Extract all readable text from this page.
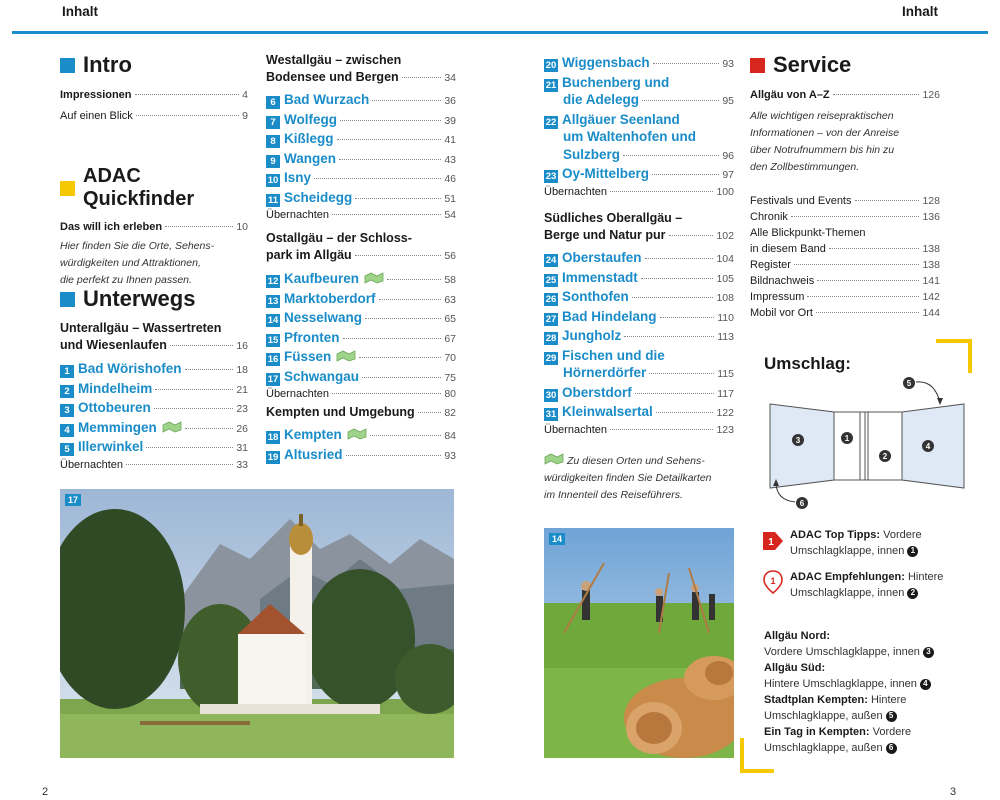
Inhalt	Inhalt
Intro
Impressionen	4
Auf einen Blick	9
ADAC Quickfinder
Das will ich erleben	10
Hier finden Sie die Orte, Sehens-
würdigkeiten und Attraktionen,
die perfekt zu Ihnen passen.
Unterwegs
Unterallgäu – Wassertreten
und Wiesenlaufen	16
1 Bad Wörishofen	18
2 Mindelheim	21
3 Ottobeuren	23
4 Memmingen	26
5 Illerwinkel	31
Übernachten	33
Westallgäu – zwischen
Bodensee und Bergen	34
6 Bad Wurzach	36
7 Wolfegg	39
8 Kißlegg	41
9 Wangen	43
10 Isny	46
11 Scheidegg	51
Übernachten	54
Ostallgäu – der Schloss-
park im Allgäu	56
12 Kaufbeuren	58
13 Marktoberdorf	63
14 Nesselwang	65
15 Pfronten	67
16 Füssen	70
17 Schwangau	75
Übernachten	80
Kempten und Umgebung	82
18 Kempten	84
19 Altusried	93
20 Wiggensbach	93
21 Buchenberg und
die Adelegg	95
22 Allgäuer Seenland
um Waltenhofen und
Sulzberg	96
23 Oy-Mittelberg	97
Übernachten	100
Südliches Oberallgäu –
Berge und Natur pur	102
24 Oberstaufen	104
25 Immenstadt	105
26 Sonthofen	108
27 Bad Hindelang	110
28 Jungholz	113
29 Fischen und die
Hörnerdörfer	115
30 Oberstdorf	117
31 Kleinwalsertal	122
Übernachten	123
Zu diesen Orten und Sehens-
würdigkeiten finden Sie Detailkarten
im Innenteil des Reiseführers.
Service
Allgäu von A–Z	126
Alle wichtigen reisepraktischen
Informationen – von der Anreise
über Notrufnummern bis hin zu
den Zollbestimmungen.
Festivals und Events	128
Chronik	136
Alle Blickpunkt-Themen
in diesem Band	138
Register	138
Bildnachweis	141
Impressum	142
Mobil vor Ort	144
Umschlag:
3	1
2
4
5
6
1
ADAC Top Tipps: Vordere
Umschlagklappe, innen 1
1 ADAC Empfehlungen: Hintere
Umschlagklappe, innen 2
Allgäu Nord:
Vordere Umschlagklappe, innen 3
Allgäu Süd:
Hintere Umschlagklappe, innen 4
Stadtplan Kempten: Hintere
Umschlagklappe, außen 5
Ein Tag in Kempten: Vordere
Umschlagklappe, außen 6
17
14
2	3
